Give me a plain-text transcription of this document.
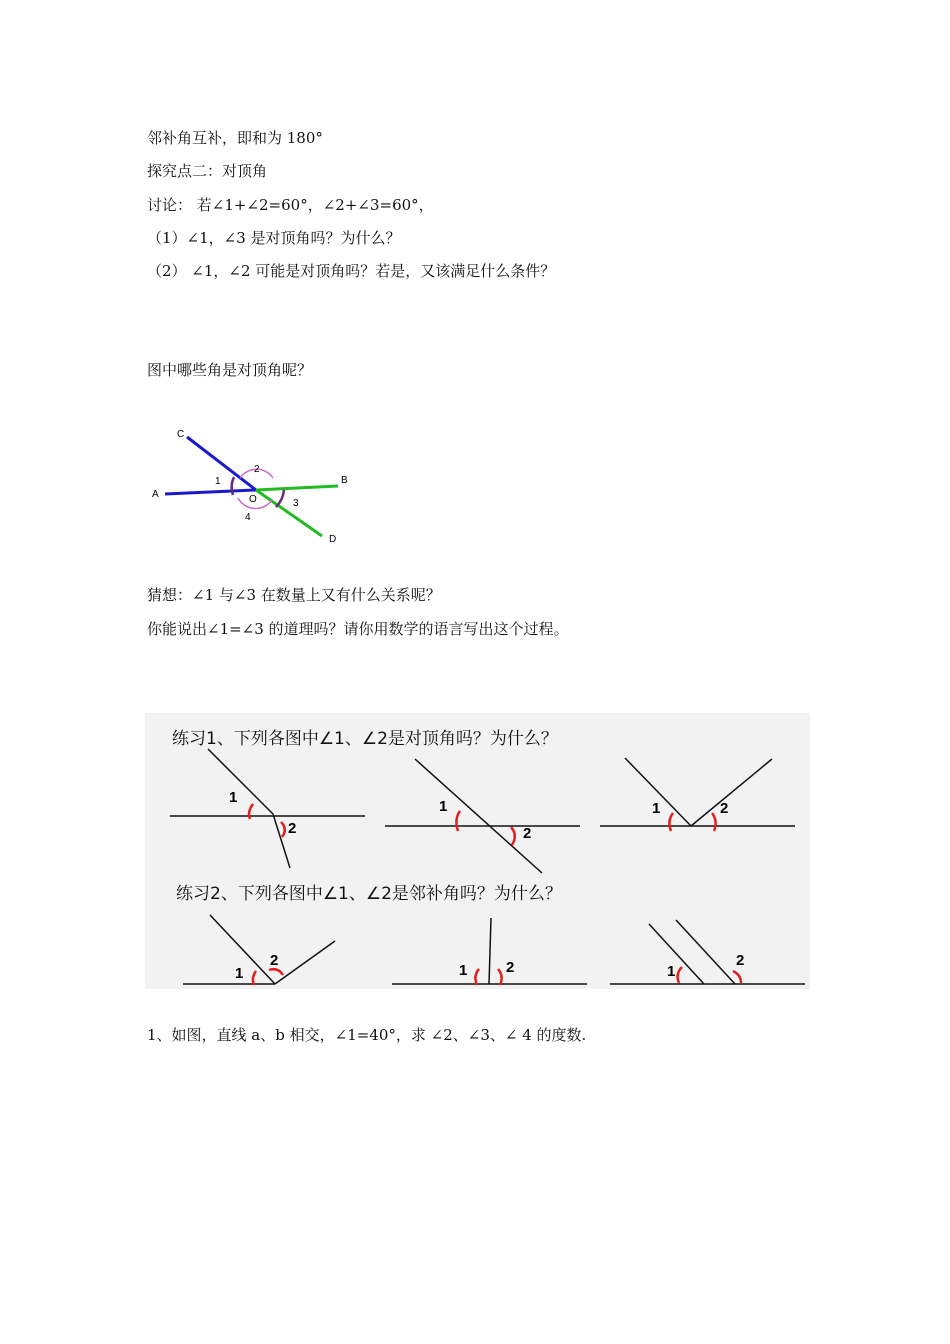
邻补角互补，即和为 180°
探究点二：对顶角
讨论： 若∠1+∠2=60°，∠2+∠3=60°，
（1）∠1，∠3 是对顶角吗？为什么？
（2） ∠1，∠2 可能是对顶角吗？若是，又该满足什么条件？
图中哪些角是对顶角呢？
C
A
B
D
O
1
2
3
4
猜想：∠1 与∠3 在数量上又有什么关系呢？
你能说出∠1=∠3 的道理吗？请你用数学的语言写出这个过程。
练习1、下列各图中∠1、∠2是对顶角吗？为什么？
练习2、下列各图中∠1、∠2是邻补角吗？为什么？
1
2
1
2
1	2
1
2
1	2	1
2
1、如图，直线 a、b 相交，∠1=40°，求 ∠2、∠3、∠ 4 的度数.
